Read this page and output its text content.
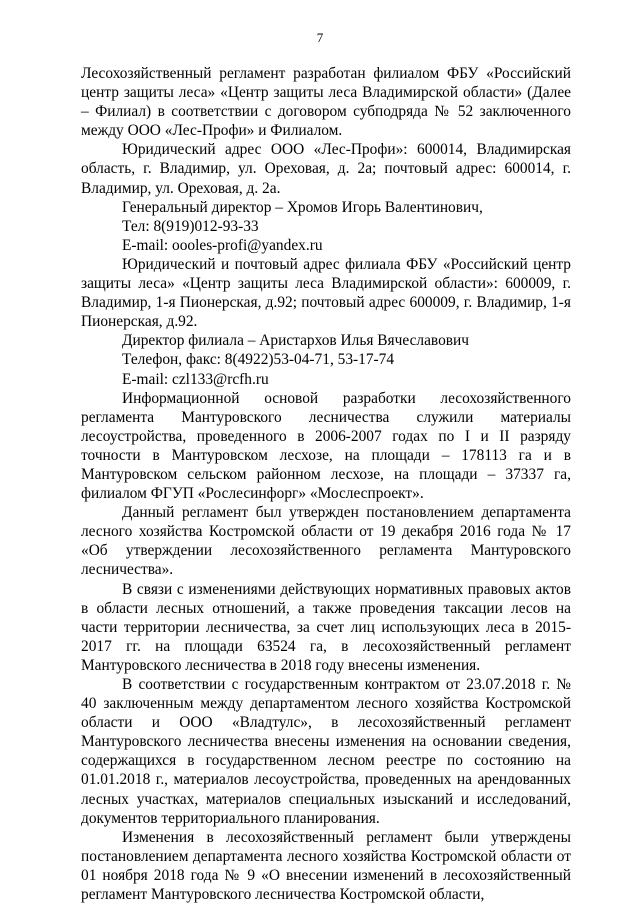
7

Лесохозяйственный регламент разработан филиалом ФБУ «Российский центр защиты леса» «Центр защиты леса Владимирской области» (Далее – Филиал) в соответствии с договором субподряда № 52 заключенного между ООО «Лес-Профи» и Филиалом.

Юридический адрес ООО «Лес-Профи»: 600014, Владимирская область, г. Владимир, ул. Ореховая, д. 2а; почтовый адрес: 600014, г. Владимир, ул. Ореховая, д. 2а.

Генеральный директор – Хромов Игорь Валентинович,

Тел: 8(919)012-93-33

E-mail: oooles-profi@yandex.ru

Юридический и почтовый адрес филиала ФБУ «Российский центр защиты леса» «Центр защиты леса Владимирской области»: 600009, г. Владимир, 1-я Пионерская, д.92; почтовый адрес 600009, г. Владимир, 1-я Пионерская, д.92.

Директор филиала – Аристархов Илья Вячеславович

Телефон, факс: 8(4922)53-04-71, 53-17-74

E-mail: czl133@rcfh.ru

Информационной основой разработки лесохозяйственного регламента Мантуровского лесничества служили материалы лесоустройства, проведенного в 2006-2007 годах по I и II разряду точности в Мантуровском лесхозе, на площади – 178113 га и в Мантуровском сельском районном лесхозе, на площади – 37337 га, филиалом ФГУП «Рослесинфорг» «Мослеспроект».

Данный регламент был утвержден постановлением департамента лесного хозяйства Костромской области от 19 декабря 2016 года № 17 «Об утверждении лесохозяйственного регламента Мантуровского лесничества».

В связи с изменениями действующих нормативных правовых актов в области лесных отношений, а также проведения таксации лесов на части территории лесничества, за счет лиц использующих леса в 2015-2017 гг. на площади 63524 га, в лесохозяйственный регламент Мантуровского лесничества в 2018 году внесены изменения.

В соответствии с государственным контрактом от 23.07.2018 г. № 40 заключенным между департаментом лесного хозяйства Костромской области и ООО «Владтулс», в лесохозяйственный регламент Мантуровского лесничества внесены изменения на основании сведения, содержащихся в государственном лесном реестре по состоянию на 01.01.2018 г., материалов лесоустройства, проведенных на арендованных лесных участках, материалов специальных изысканий и исследований, документов территориального планирования.

Изменения в лесохозяйственный регламент были утверждены постановлением департамента лесного хозяйства Костромской области от 01 ноября 2018 года № 9 «О внесении изменений в лесохозяйственный регламент Мантуровского лесничества Костромской области,
